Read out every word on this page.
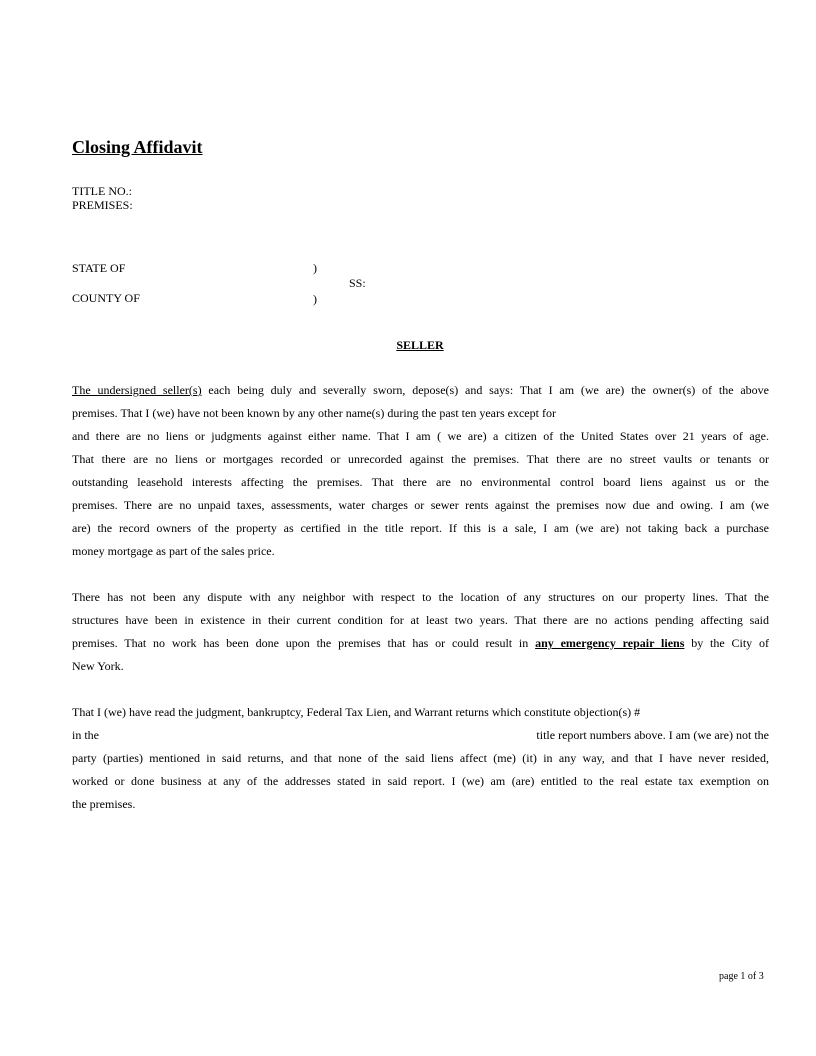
Closing Affidavit
TITLE NO.:
PREMISES:
STATE OF	)
SS:
COUNTY OF	)
SELLER
The undersigned seller(s) each being duly and severally sworn, depose(s) and says: That I am (we are) the owner(s) of the above
premises. That I (we) have not been known by any other name(s) during the past ten years except for
and there are no liens or judgments against either name. That I am ( we are) a citizen of the United States over 21 years of age.
That there are no liens or mortgages recorded or unrecorded against the premises. That there are no street vaults or tenants or
outstanding leasehold interests affecting the premises. That there are no environmental control board liens against us or the
premises. There are no unpaid taxes, assessments, water charges or sewer rents against the premises now due and owing. I am (we
are) the record owners of the property as certified in the title report. If this is a sale, I am (we are) not taking back a purchase
money mortgage as part of the sales price.
There has not been any dispute with any neighbor with respect to the location of any structures on our property lines. That the
structures have been in existence in their current condition for at least two years. That there are no actions pending affecting said
premises. That no work has been done upon the premises that has or could result in any emergency repair liens by the City of
New York.
That I (we) have read the judgment, bankruptcy, Federal Tax Lien, and Warrant returns which constitute objection(s) #
in the	title report numbers above. I am (we are) not the
party (parties) mentioned in said returns, and that none of the said liens affect (me) (it) in any way, and that I have never resided,
worked or done business at any of the addresses stated in said report. I (we) am (are) entitled to the real estate tax exemption on
the premises.
page 1 of 3
